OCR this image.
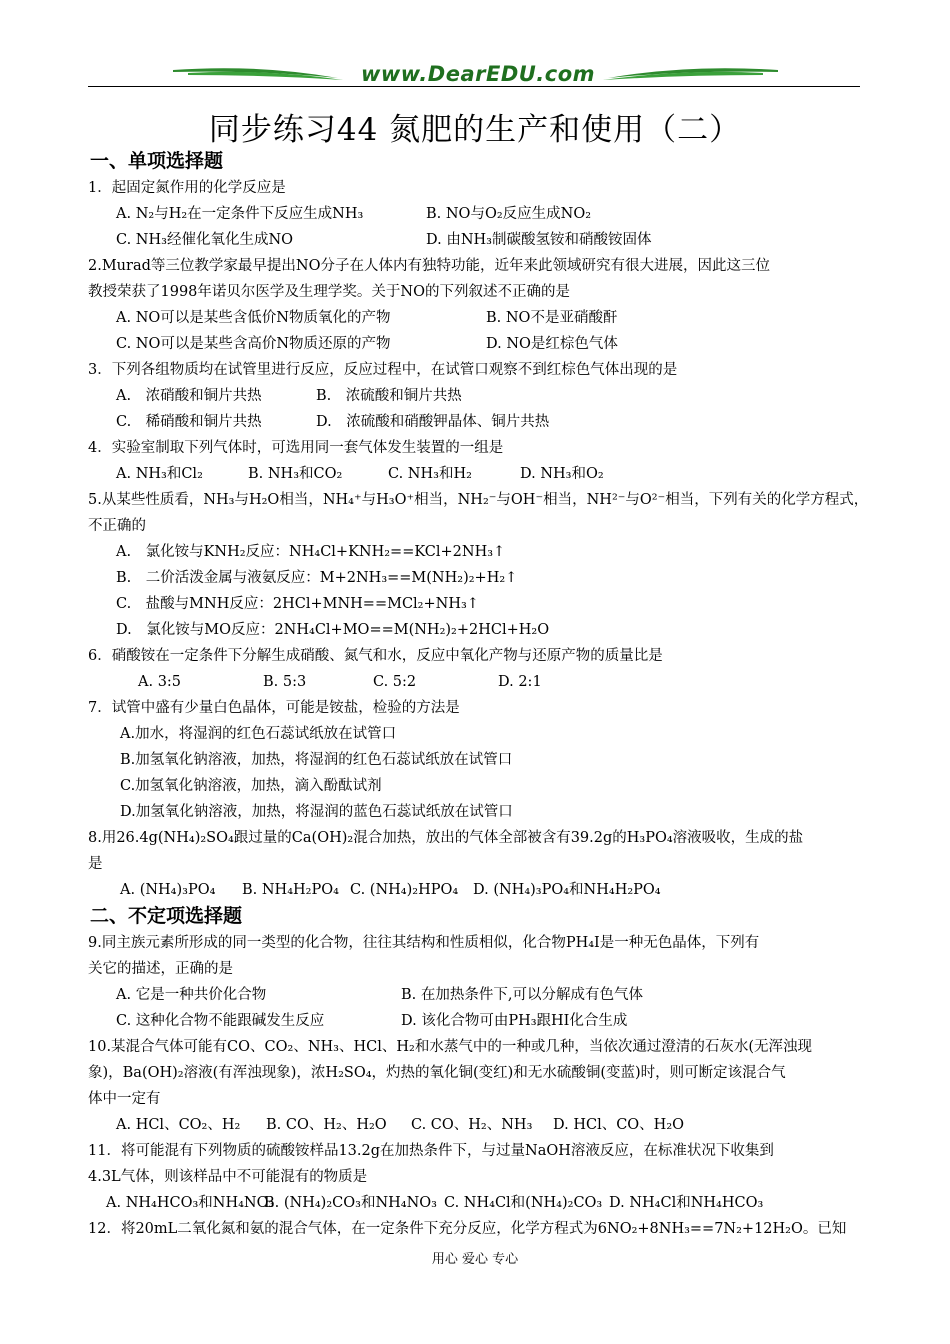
www.DearEDU.com
同步练习44 氮肥的生产和使用（二）
一、单项选择题
1．起固定氮作用的化学反应是
A. N₂与H₂在一定条件下反应生成NH₃	B. NO与O₂反应生成NO₂
C. NH₃经催化氧化生成NO	D. 由NH₃制碳酸氢铵和硝酸铵固体
2.Murad等三位教学家最早提出NO分子在人体内有独特功能，近年来此领域研究有很大进展，因此这三位
教授荣获了1998年诺贝尔医学及生理学奖。关于NO的下列叙述不正确的是
A. NO可以是某些含低价N物质氧化的产物	B. NO不是亚硝酸酐
C. NO可以是某些含高价N物质还原的产物	D. NO是红棕色气体
3．下列各组物质均在试管里进行反应，反应过程中，在试管口观察不到红棕色气体出现的是
A.　浓硝酸和铜片共热	B.　浓硫酸和铜片共热
C.　稀硝酸和铜片共热	D.　浓硫酸和硝酸钾晶体、铜片共热
4．实验室制取下列气体时，可选用同一套气体发生装置的一组是
A. NH₃和Cl₂	B. NH₃和CO₂	C. NH₃和H₂	D. NH₃和O₂
5.从某些性质看，NH₃与H₂O相当，NH₄⁺与H₃O⁺相当，NH₂⁻与OH⁻相当，NH²⁻与O²⁻相当，下列有关的化学方程式，
不正确的
A.　氯化铵与KNH₂反应：NH₄Cl+KNH₂==KCl+2NH₃↑
B.　二价活泼金属与液氨反应：M+2NH₃==M(NH₂)₂+H₂↑
C.　盐酸与MNH反应：2HCl+MNH==MCl₂+NH₃↑
D.　氯化铵与MO反应：2NH₄Cl+MO==M(NH₂)₂+2HCl+H₂O
6．硝酸铵在一定条件下分解生成硝酸、氮气和水，反应中氧化产物与还原产物的质量比是
A. 3:5	B. 5:3	C. 5:2	D. 2:1
7．试管中盛有少量白色晶体，可能是铵盐，检验的方法是
A.加水，将湿润的红色石蕊试纸放在试管口
B.加氢氧化钠溶液，加热，将湿润的红色石蕊试纸放在试管口
C.加氢氧化钠溶液，加热，滴入酚酞试剂
D.加氢氧化钠溶液，加热，将湿润的蓝色石蕊试纸放在试管口
8.用26.4g(NH₄)₂SO₄跟过量的Ca(OH)₂混合加热，放出的气体全部被含有39.2g的H₃PO₄溶液吸收，生成的盐
是
A. (NH₄)₃PO₄	B. NH₄H₂PO₄ C. (NH₄)₂HPO₄	D. (NH₄)₃PO₄和NH₄H₂PO₄
二、不定项选择题
9.同主族元素所形成的同一类型的化合物，往往其结构和性质相似，化合物PH₄I是一种无色晶体，下列有
关它的描述，正确的是
A. 它是一种共价化合物	B. 在加热条件下,可以分解成有色气体
C. 这种化合物不能跟碱发生反应	D. 该化合物可由PH₃跟HI化合生成
10.某混合气体可能有CO、CO₂、NH₃、HCl、H₂和水蒸气中的一种或几种，当依次通过澄清的石灰水(无浑浊现
象)，Ba(OH)₂溶液(有浑浊现象)，浓H₂SO₄，灼热的氧化铜(变红)和无水硫酸铜(变蓝)时，则可断定该混合气
体中一定有
A. HCl、CO₂、H₂	B. CO、H₂、H₂O	C. CO、H₂、NH₃	D. HCl、CO、H₂O
11．将可能混有下列物质的硫酸铵样品13.2g在加热条件下，与过量NaOH溶液反应，在标准状况下收集到
4.3L气体，则该样品中不可能混有的物质是
A. NH₄HCO₃和NH₄NO₃
B. (NH₄)₂CO₃和NH₄NO₃ C. NH₄Cl和(NH₄)₂CO₃ D. NH₄Cl和NH₄HCO₃
12．将20mL二氧化氮和氨的混合气体，在一定条件下充分反应，化学方程式为6NO₂+8NH₃==7N₂+12H₂O。已知
用心 爱心 专心
